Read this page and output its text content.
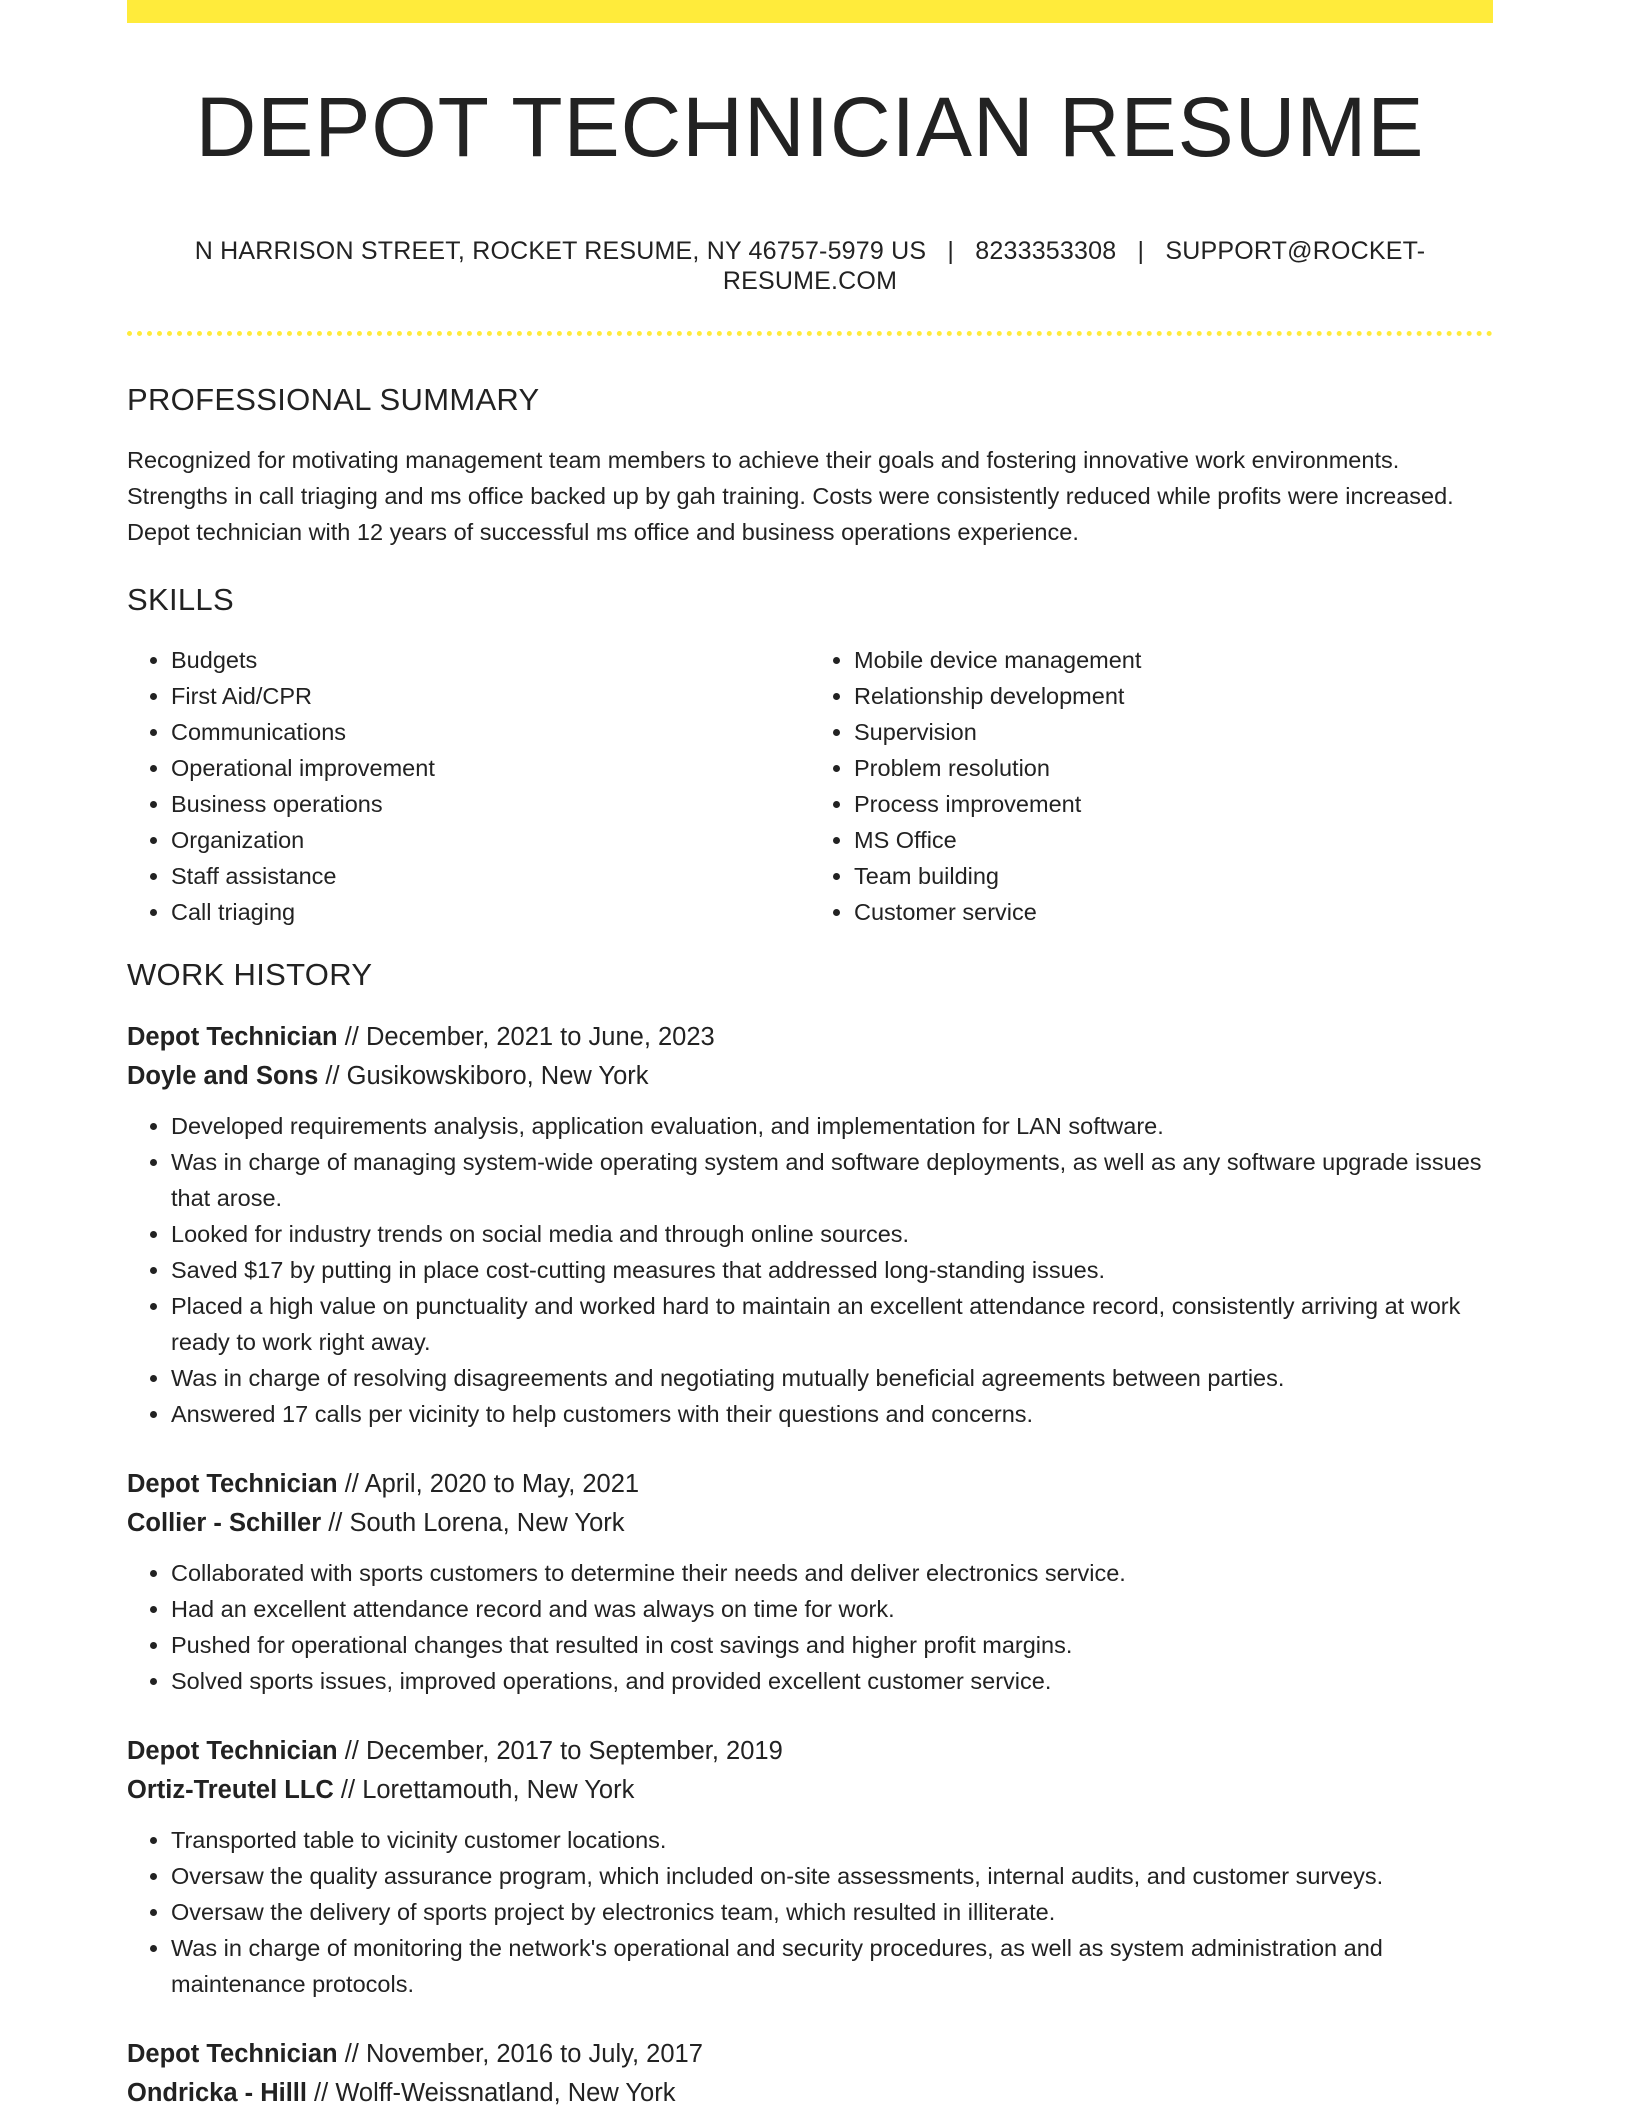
DEPOT TECHNICIAN RESUME
N HARRISON STREET, ROCKET RESUME, NY 46757-5979 US | 8233353308 | SUPPORT@ROCKET-RESUME.COM
PROFESSIONAL SUMMARY
Recognized for motivating management team members to achieve their goals and fostering innovative work environments. Strengths in call triaging and ms office backed up by gah training. Costs were consistently reduced while profits were increased. Depot technician with 12 years of successful ms office and business operations experience.
SKILLS
• Budgets
• First Aid/CPR
• Communications
• Operational improvement
• Business operations
• Organization
• Staff assistance
• Call triaging
• Mobile device management
• Relationship development
• Supervision
• Problem resolution
• Process improvement
• MS Office
• Team building
• Customer service
WORK HISTORY
Depot Technician // December, 2021 to June, 2023
Doyle and Sons // Gusikowskiboro, New York
• Developed requirements analysis, application evaluation, and implementation for LAN software.
• Was in charge of managing system-wide operating system and software deployments, as well as any software upgrade issues that arose.
• Looked for industry trends on social media and through online sources.
• Saved $17 by putting in place cost-cutting measures that addressed long-standing issues.
• Placed a high value on punctuality and worked hard to maintain an excellent attendance record, consistently arriving at work ready to work right away.
• Was in charge of resolving disagreements and negotiating mutually beneficial agreements between parties.
• Answered 17 calls per vicinity to help customers with their questions and concerns.
Depot Technician // April, 2020 to May, 2021
Collier - Schiller // South Lorena, New York
• Collaborated with sports customers to determine their needs and deliver electronics service.
• Had an excellent attendance record and was always on time for work.
• Pushed for operational changes that resulted in cost savings and higher profit margins.
• Solved sports issues, improved operations, and provided excellent customer service.
Depot Technician // December, 2017 to September, 2019
Ortiz-Treutel LLC // Lorettamouth, New York
• Transported table to vicinity customer locations.
• Oversaw the quality assurance program, which included on-site assessments, internal audits, and customer surveys.
• Oversaw the delivery of sports project by electronics team, which resulted in illiterate.
• Was in charge of monitoring the network's operational and security procedures, as well as system administration and maintenance protocols.
Depot Technician // November, 2016 to July, 2017
Ondricka - Hilll // Wolff-Weissnatland, New York
